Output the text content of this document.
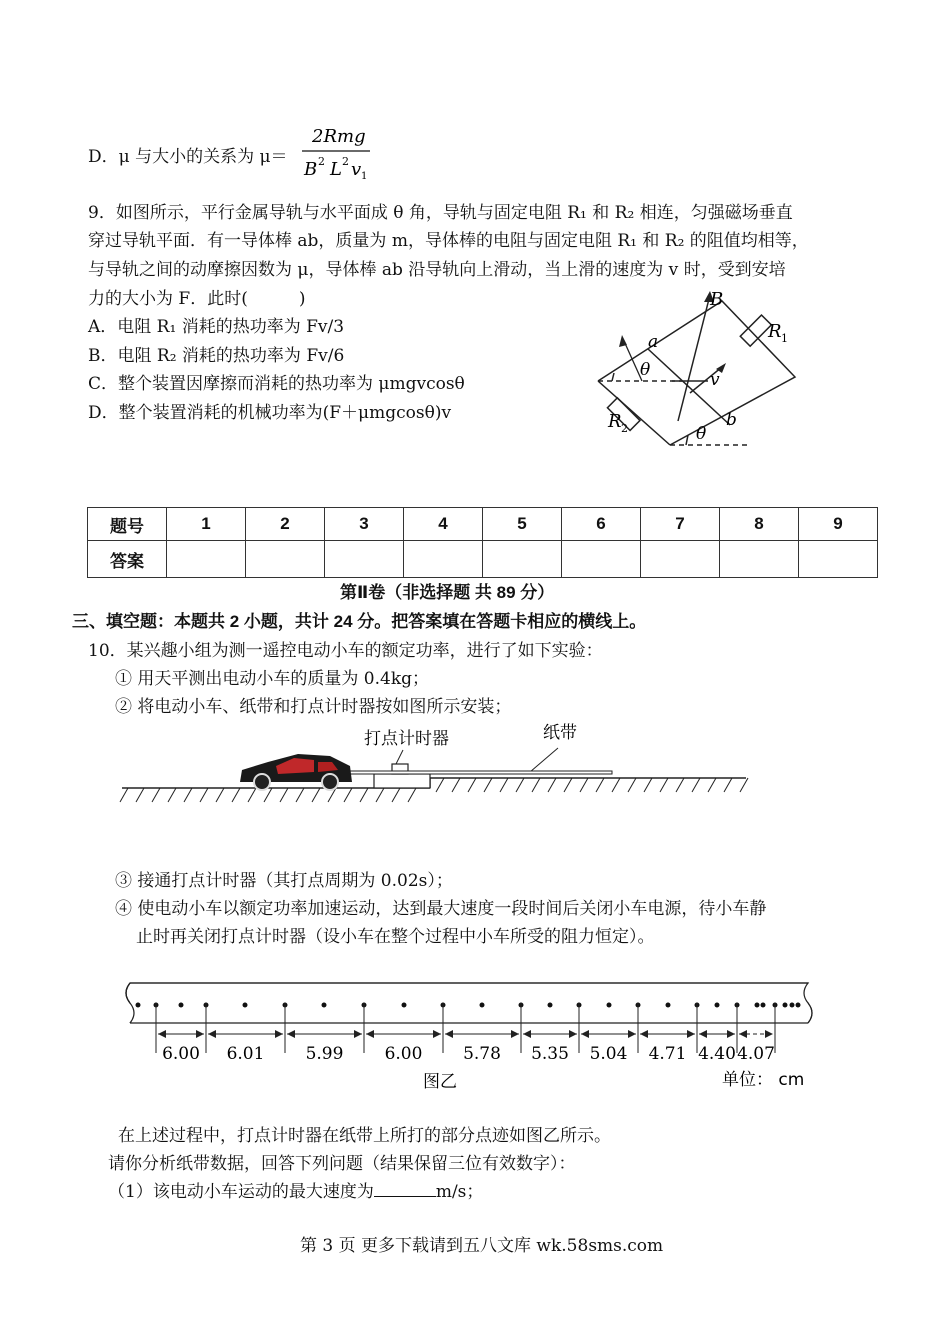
D．μ 与大小的关系为 μ＝
2Rmg
B 2 L 2 v 1
9．如图所示，平行金属导轨与水平面成 θ 角，导轨与固定电阻 R₁ 和 R₂ 相连，匀强磁场垂直
穿过导轨平面．有一导体棒 ab，质量为 m，导体棒的电阻与固定电阻 R₁ 和 R₂ 的阻值均相等，
与导轨之间的动摩擦因数为 μ，导体棒 ab 沿导轨向上滑动，当上滑的速度为 v 时，受到安培
力的大小为 F．此时(　　　)
A．电阻 R₁ 消耗的热功率为 Fv/3
B．电阻 R₂ 消耗的热功率为 Fv/6
C．整个装置因摩擦而消耗的热功率为 μmgvcosθ
D．整个装置消耗的机械功率为(F＋μmgcosθ)v
B
R 1
R 2
a
b
v
θ
θ
题号	1	2	3	4	5	6	7	8	9
答案									
第Ⅱ卷（非选择题 共 89 分）
三、填空题：本题共 2 小题，共计 24 分。把答案填在答题卡相应的横线上。
10．某兴趣小组为测一遥控电动小车的额定功率，进行了如下实验：
① 用天平测出电动小车的质量为 0.4kg；
② 将电动小车、纸带和打点计时器按如图所示安装；
打点计时器	纸带
③ 接通打点计时器（其打点周期为 0.02s）；
④ 使电动小车以额定功率加速运动，达到最大速度一段时间后关闭小车电源，待小车静
止时再关闭打点计时器（设小车在整个过程中小车所受的阻力恒定）。
6.00 6.01 5.99 6.00 5.78 5.35 5.04 4.71 4.40 4.07
图乙	单位： cm
在上述过程中，打点计时器在纸带上所打的部分点迹如图乙所示。
请你分析纸带数据，回答下列问题（结果保留三位有效数字）：
（1）该电动小车运动的最大速度为	m/s；
第 3 页 更多下载请到五八文库 wk.58sms.com
